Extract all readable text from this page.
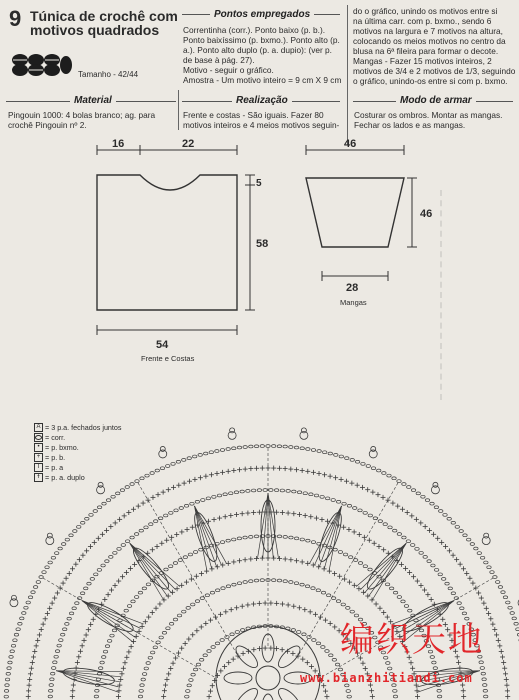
9 Túnica de crochê com motivos quadrados
Tamanho - 42/44
Pontos empregados
Correntinha (corr.). Ponto baixo (p. b.).
Ponto baixíssimo (p. bxmo.). Ponto alto (p.
a.). Ponto alto duplo (p. a. dupio): (ver p.
de base à pág. 27).
Motivo - seguir o gráfico.
Amostra - Um motivo inteiro = 9 cm X 9 cm
do o gráfico, unindo os motivos entre si
na última carr. com p. bxmo., sendo 6
motivos na largura e 7 motivos na altura,
colocando os meios motivos no centro da
blusa na 6ª fileira para formar o decote.
Mangas - Fazer 15 motivos inteiros, 2
motivos de 3/4 e 2 motivos de 1/3, seguindo
o gráfico, unindo-os entre si com p. bxmo.
Material
Pingouin 1000: 4 bolas branco; ag. para
crochê Pingouin nº 2.
Realização
Frente e costas - São iguais. Fazer 80
motivos inteiros e 4 meios motivos seguin-
Modo de armar
Costurar os ombros. Montar as mangas.
Fechar os lados e as mangas.
16	22
5
58
54
Frente e Costas
46
46
28
Mangas
A = 3 p.a. fechados juntos
= corr.
• = p. bxmo.
+ = p. b.
T = p. a
Ŧ = p. a. duplo
编织天地
www.bianzhitiandi.com
